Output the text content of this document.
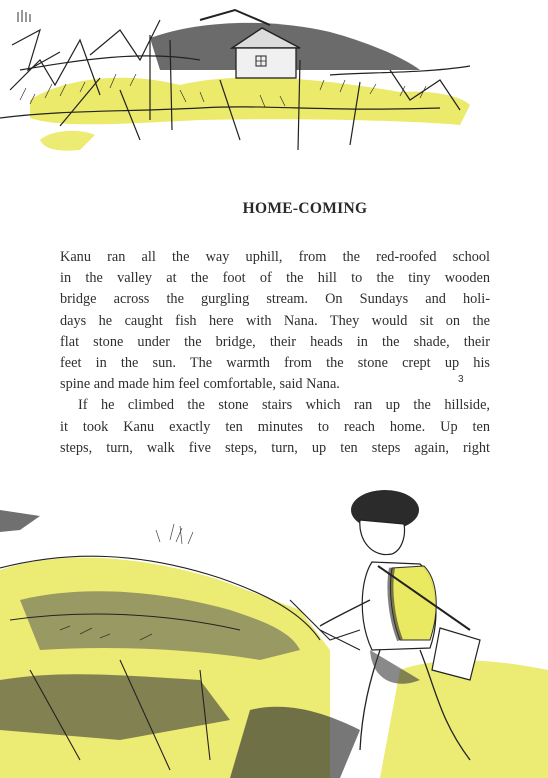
HOME-COMING
Kanu ran all the way uphill, from the red-roofed school
in the valley at the foot of the hill to the tiny wooden
bridge across the gurgling stream. On Sundays and holi-
days he caught fish here with Nana. They would sit on the
flat stone under the bridge, their heads in the shade, their
feet in the sun. The warmth from the stone crept up his
spine and made him feel comfortable, said Nana.
If he climbed the stone stairs which ran up the hillside,
it took Kanu exactly ten minutes to reach home. Up ten
steps, turn, walk five steps, turn, up ten steps again, right
3
